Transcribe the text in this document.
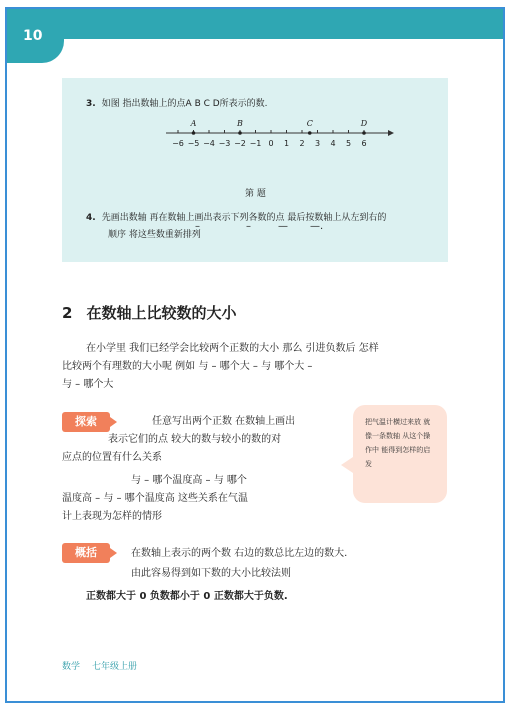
10
3. 如图 指出数轴上的点A B C D所表示的数.
−6 −5 −4 −3 −2 −1 0 1 2 3 4 5 6
A	B	C	D
第 题
4. 先画出数轴 再在数轴上画出表示下列各数的点 最后按数轴上从左到右的
顺序 将这些数重新排列
–	–	— —.
2 在数轴上比较数的大小
在小学里 我们已经学会比较两个正数的大小 那么 引进负数后 怎样
比较两个有理数的大小呢 例如 与 – 哪个大 – 与 哪个大 –
与 – 哪个大
探索	任意写出两个正数 在数轴上画出
表示它们的点 较大的数与较小的数的对
应点的位置有什么关系
与 – 哪个温度高 – 与 哪个
温度高 – 与 – 哪个温度高 这些关系在气温
计上表现为怎样的情形
把气温计横过来放 就像一条数轴 从这个操作中 能得到怎样的启发
概括	在数轴上表示的两个数 右边的数总比左边的数大.
由此容易得到如下数的大小比较法则
正数都大于 0 负数都小于 0 正数都大于负数.
数学 七年级上册
